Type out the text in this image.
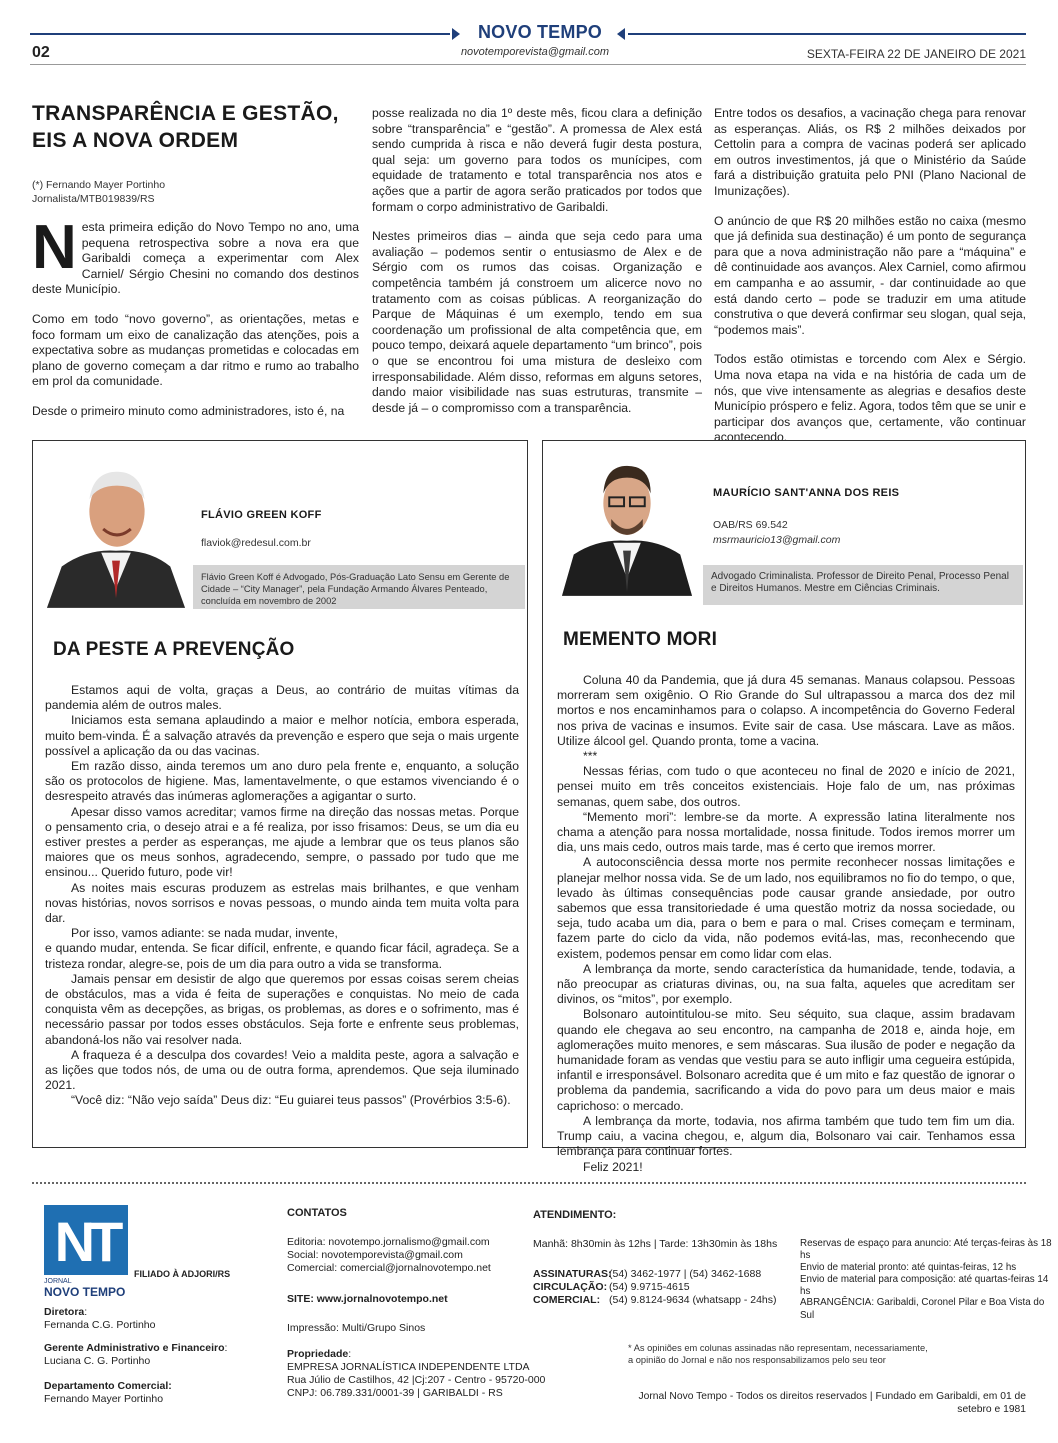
NOVO TEMPO
novotemporevista@gmail.com
02	SEXTA-FEIRA 22 DE JANEIRO DE 2021
TRANSPARÊNCIA E GESTÃO,
EIS A NOVA ORDEM
(*) Fernando Mayer Portinho
Jornalista/MTB019839/RS

Nesta primeira edição do Novo Tempo no ano, uma pequena retrospectiva sobre a nova era que Garibaldi começa a experimentar com Alex Carniel/ Sérgio Chesini no comando dos destinos deste Município.

Como em todo “novo governo”, as orientações, metas e foco formam um eixo de canalização das atenções, pois a expectativa sobre as mudanças prometidas e colocadas em plano de governo começam a dar ritmo e rumo ao trabalho em prol da comunidade.

Desde o primeiro minuto como administradores, isto é, na

posse realizada no dia 1º deste mês, ficou clara a definição sobre “transparência” e “gestão”. A promessa de Alex está sendo cumprida à risca e não deverá fugir desta postura, qual seja: um governo para todos os munícipes, com equidade de tratamento e total transparência nos atos e ações que a partir de agora serão praticados por todos que formam o corpo administrativo de Garibaldi.

Nestes primeiros dias – ainda que seja cedo para uma avaliação – podemos sentir o entusiasmo de Alex e de Sérgio com os rumos das coisas. Organização e competência também já constroem um alicerce novo no tratamento com as coisas públicas. A reorganização do Parque de Máquinas é um exemplo, tendo em sua coordenação um profissional de alta competência que, em pouco tempo, deixará aquele departamento “um brinco”, pois o que se encontrou foi uma mistura de desleixo com irresponsabilidade. Além disso, reformas em alguns setores, dando maior visibilidade nas suas estruturas, transmite – desde já – o compromisso com a transparência.

Entre todos os desafios, a vacinação chega para renovar as esperanças. Aliás, os R$ 2 milhões deixados por Cettolin para a compra de vacinas poderá ser aplicado em outros investimentos, já que o Ministério da Saúde fará a distribuição gratuita pelo PNI (Plano Nacional de Imunizações).

O anúncio de que R$ 20 milhões estão no caixa (mesmo que já definida sua destinação) é um ponto de segurança para que a nova administração não pare a “máquina” e dê continuidade aos avanços. Alex Carniel, como afirmou em campanha e ao assumir, - dar continuidade ao que está dando certo – pode se traduzir em uma atitude construtiva o que deverá confirmar seu slogan, qual seja, “podemos mais”.

Todos estão otimistas e torcendo com Alex e Sérgio. Uma nova etapa na vida e na história de cada um de nós, que vive intensamente as alegrias e desafios deste Município próspero e feliz. Agora, todos têm que se unir e participar dos avanços que, certamente, vão continuar acontecendo.

FLÁVIO GREEN KOFF
flaviok@redesul.com.br
Flávio Green Koff é Advogado, Pós-Graduação Lato Sensu em Gerente de Cidade – “City Manager”, pela Fundação Armando Álvares Penteado, concluída em novembro de 2002
DA PESTE A PREVENÇÃO

Estamos aqui de volta, graças a Deus, ao contrário de muitas vítimas da pandemia além de outros males.

Iniciamos esta semana aplaudindo a maior e melhor notícia, embora esperada, muito bem-vinda. É a salvação através da prevenção e espero que seja o mais urgente possível a aplicação da ou das vacinas.

Em razão disso, ainda teremos um ano duro pela frente e, enquanto, a solução são os protocolos de higiene. Mas, lamentavelmente, o que estamos vivenciando é o desrespeito através das inúmeras aglomerações a agigantar o surto.

Apesar disso vamos acreditar; vamos firme na direção das nossas metas. Porque o pensamento cria, o desejo atrai e a fé realiza, por isso frisamos: Deus, se um dia eu estiver prestes a perder as esperanças, me ajude a lembrar que os teus planos são maiores que os meus sonhos, agradecendo, sempre, o passado por tudo que me ensinou... Querido futuro, pode vir!

As noites mais escuras produzem as estrelas mais brilhantes, e que venham novas histórias, novos sorrisos e novas pessoas, o mundo ainda tem muita volta para dar.

Por isso, vamos adiante: se nada mudar, invente,

e quando mudar, entenda. Se ficar difícil, enfrente, e quando ficar fácil, agradeça. Se a tristeza rondar, alegre-se, pois de um dia para outro a vida se transforma.

Jamais pensar em desistir de algo que queremos por essas coisas serem cheias de obstáculos, mas a vida é feita de superações e conquistas. No meio de cada conquista vêm as decepções, as brigas, os problemas, as dores e o sofrimento, mas é necessário passar por todos esses obstáculos. Seja forte e enfrente seus problemas, abandoná-los não vai resolver nada.

A fraqueza é a desculpa dos covardes! Veio a maldita peste, agora a salvação e as lições que todos nós, de uma ou de outra forma, aprendemos. Que seja iluminado 2021.

“Você diz: “Não vejo saída” Deus diz: “Eu guiarei teus passos” (Provérbios 3:5-6).

MAURÍCIO SANT'ANNA DOS REIS
OAB/RS 69.542
msrmauricio13@gmail.com
Advogado Criminalista. Professor de Direito Penal, Processo Penal e Direitos Humanos. Mestre em Ciências Criminais.
MEMENTO MORI

Coluna 40 da Pandemia, que já dura 45 semanas. Manaus colapsou. Pessoas morreram sem oxigênio. O Rio Grande do Sul ultrapassou a marca dos dez mil mortos e nos encaminhamos para o colapso. A incompetência do Governo Federal nos priva de vacinas e insumos. Evite sair de casa. Use máscara. Lave as mãos. Utilize álcool gel. Quando pronta, tome a vacina.

***

Nessas férias, com tudo o que aconteceu no final de 2020 e início de 2021, pensei muito em três conceitos existenciais. Hoje falo de um, nas próximas semanas, quem sabe, dos outros.

“Memento mori”: lembre-se da morte. A expressão latina literalmente nos chama a atenção para nossa mortalidade, nossa finitude. Todos iremos morrer um dia, uns mais cedo, outros mais tarde, mas é certo que iremos morrer.

A autoconsciência dessa morte nos permite reconhecer nossas limitações e planejar melhor nossa vida. Se de um lado, nos equilibramos no fio do tempo, o que, levado às últimas consequências pode causar grande ansiedade, por outro sabemos que essa transitoriedade é uma questão motriz da nossa sociedade, ou seja, tudo acaba um dia, para o bem e para o mal. Crises começam e terminam, fazem parte do ciclo da vida, não podemos evitá-las, mas, reconhecendo que existem, podemos pensar em como lidar com elas.

A lembrança da morte, sendo característica da humanidade, tende, todavia, a não preocupar as criaturas divinas, ou, na sua falta, aqueles que acreditam ser divinos, os “mitos”, por exemplo.

Bolsonaro autointitulou-se mito. Seu séquito, sua claque, assim bradavam quando ele chegava ao seu encontro, na campanha de 2018 e, ainda hoje, em aglomerações muito menores, e sem máscaras. Sua ilusão de poder e negação da humanidade foram as vendas que vestiu para se auto infligir uma cegueira estúpida, infantil e irresponsável. Bolsonaro acredita que é um mito e faz questão de ignorar o problema da pandemia, sacrificando a vida do povo para um deus maior e mais caprichoso: o mercado.

A lembrança da morte, todavia, nos afirma também que tudo tem fim um dia. Trump caiu, a vacina chegou, e, algum dia, Bolsonaro vai cair. Tenhamos essa lembrança para continuar fortes.

Feliz 2021!

NT
JORNAL
NOVO TEMPO
FILIADO À ADJORI/RS
Diretora:
Fernanda C.G. Portinho
Gerente Administrativo e Financeiro:
Luciana C. G. Portinho
Departamento Comercial:
Fernando Mayer Portinho
CONTATOS
Editoria: novotempo.jornalismo@gmail.com
Social: novotemporevista@gmail.com
Comercial: comercial@jornalnovotempo.net
SITE: www.jornalnovotempo.net
Impressão: Multi/Grupo Sinos
Propriedade:
EMPRESA JORNALÍSTICA INDEPENDENTE LTDA
Rua Júlio de Castilhos, 42 |Cj:207 - Centro - 95720-000
CNPJ: 06.789.331/0001-39 | GARIBALDI - RS
ATENDIMENTO:
Manhã: 8h30min às 12hs | Tarde: 13h30min às 18hs
ASSINATURAS:(54) 3462-1977 | (54) 3462-1688
CIRCULAÇÃO: (54) 9.9715-4615
COMERCIAL: (54) 9.8124-9634 (whatsapp - 24hs)
Reservas de espaço para anuncio: Até terças-feiras às 18 hs
Envio de material pronto: até quintas-feiras, 12 hs
Envio de material para composição: até quartas-feiras 14 hs
ABRANGÊNCIA: Garibaldi, Coronel Pilar e Boa Vista do Sul
* As opiniões em colunas assinadas não representam, necessariamente,
a opinião do Jornal e não nos responsabilizamos pelo seu teor
Jornal Novo Tempo - Todos os direitos reservados | Fundado em Garibaldi, em 01 de setebro e 1981
